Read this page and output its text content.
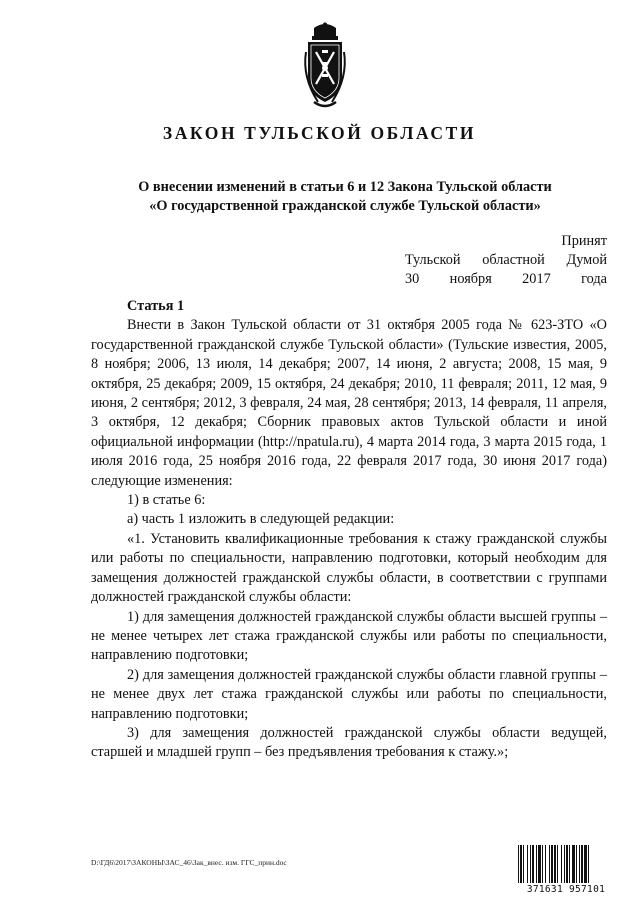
ЗАКОН ТУЛЬСКОЙ ОБЛАСТИ
О внесении изменений в статьи 6 и 12 Закона Тульской области
«О государственной гражданской службе Тульской области»
Принят
Тульской областной Думой
30 ноября 2017 года
Статья 1

Внести в Закон Тульской области от 31 октября 2005 года № 623-ЗТО «О государственной гражданской службе Тульской области» (Тульские известия, 2005, 8 ноября; 2006, 13 июля, 14 декабря; 2007, 14 июня, 2 августа; 2008, 15 мая, 9 октября, 25 декабря; 2009, 15 октября, 24 декабря; 2010, 11 февраля; 2011, 12 мая, 9 июня, 2 сентября; 2012, 3 февраля, 24 мая, 28 сентября; 2013, 14 февраля, 11 апреля, 3 октября, 12 декабря; Сборник правовых актов Тульской области и иной официальной информации (http://npatula.ru), 4 марта 2014 года, 3 марта 2015 года, 1 июля 2016 года, 25 ноября 2016 года, 22 февраля 2017 года, 30 июня 2017 года) следующие изменения:

1) в статье 6:

а) часть 1 изложить в следующей редакции:

«1. Установить квалификационные требования к стажу гражданской службы или работы по специальности, направлению подготовки, который необходим для замещения должностей гражданской службы области, в соответствии с группами должностей гражданской службы области:

1) для замещения должностей гражданской службы области высшей группы – не менее четырех лет стажа гражданской службы или работы по специальности, направлению подготовки;

2) для замещения должностей гражданской службы области главной группы – не менее двух лет стажа гражданской службы или работы по специальности, направлению подготовки;

3) для замещения должностей гражданской службы области ведущей, старшей и младшей групп – без предъявления требования к стажу.»;

D:\ГД6\2017\ЗАКОНЫ\ЗАС_46\Зак_внес. изм. ГГС_прин.doc
371631 957101
